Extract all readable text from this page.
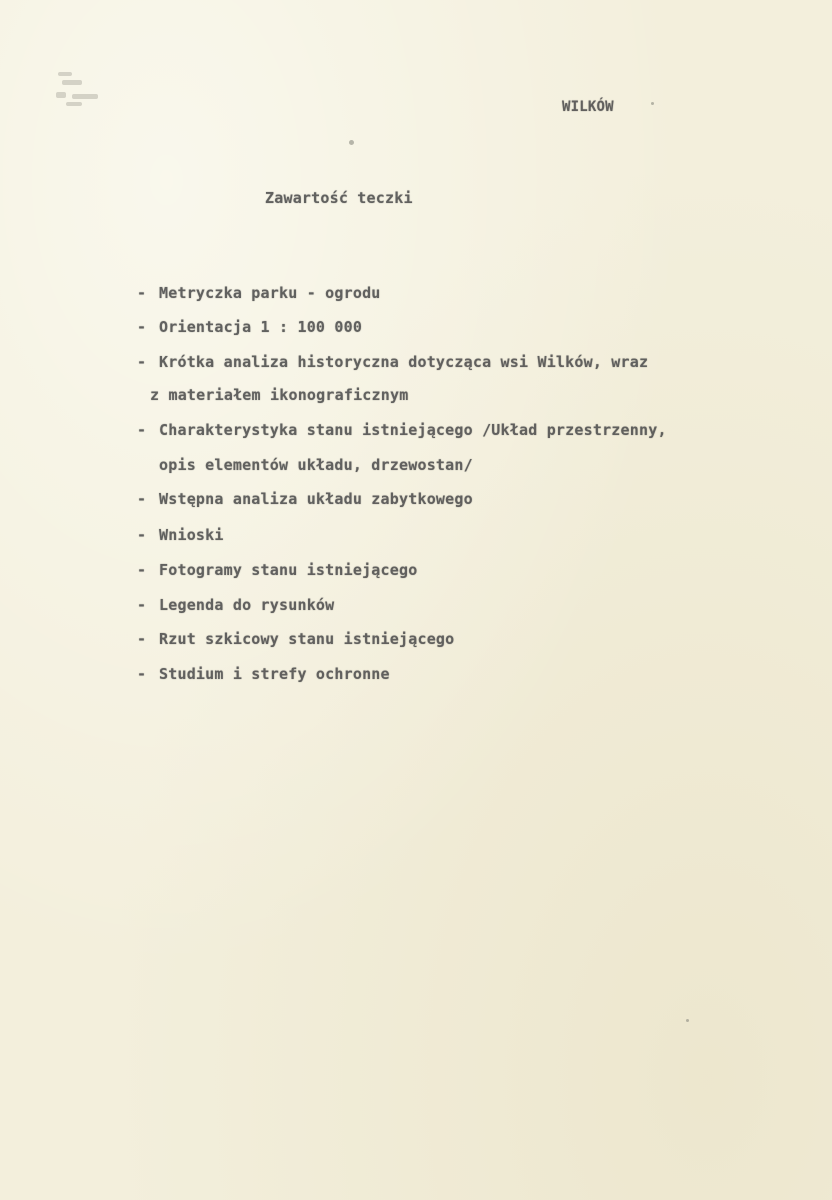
WILKÓW
Zawartość teczki
- Metryczka parku - ogrodu
- Orientacja 1 : 100 000
- Krótka analiza historyczna dotycząca wsi Wilków, wraz
z materiałem ikonograficznym
- Charakterystyka stanu istniejącego /Układ przestrzenny,
opis elementów układu, drzewostan/
- Wstępna analiza układu zabytkowego
- Wnioski
- Fotogramy stanu istniejącego
- Legenda do rysunków
- Rzut szkicowy stanu istniejącego
- Studium i strefy ochronne
